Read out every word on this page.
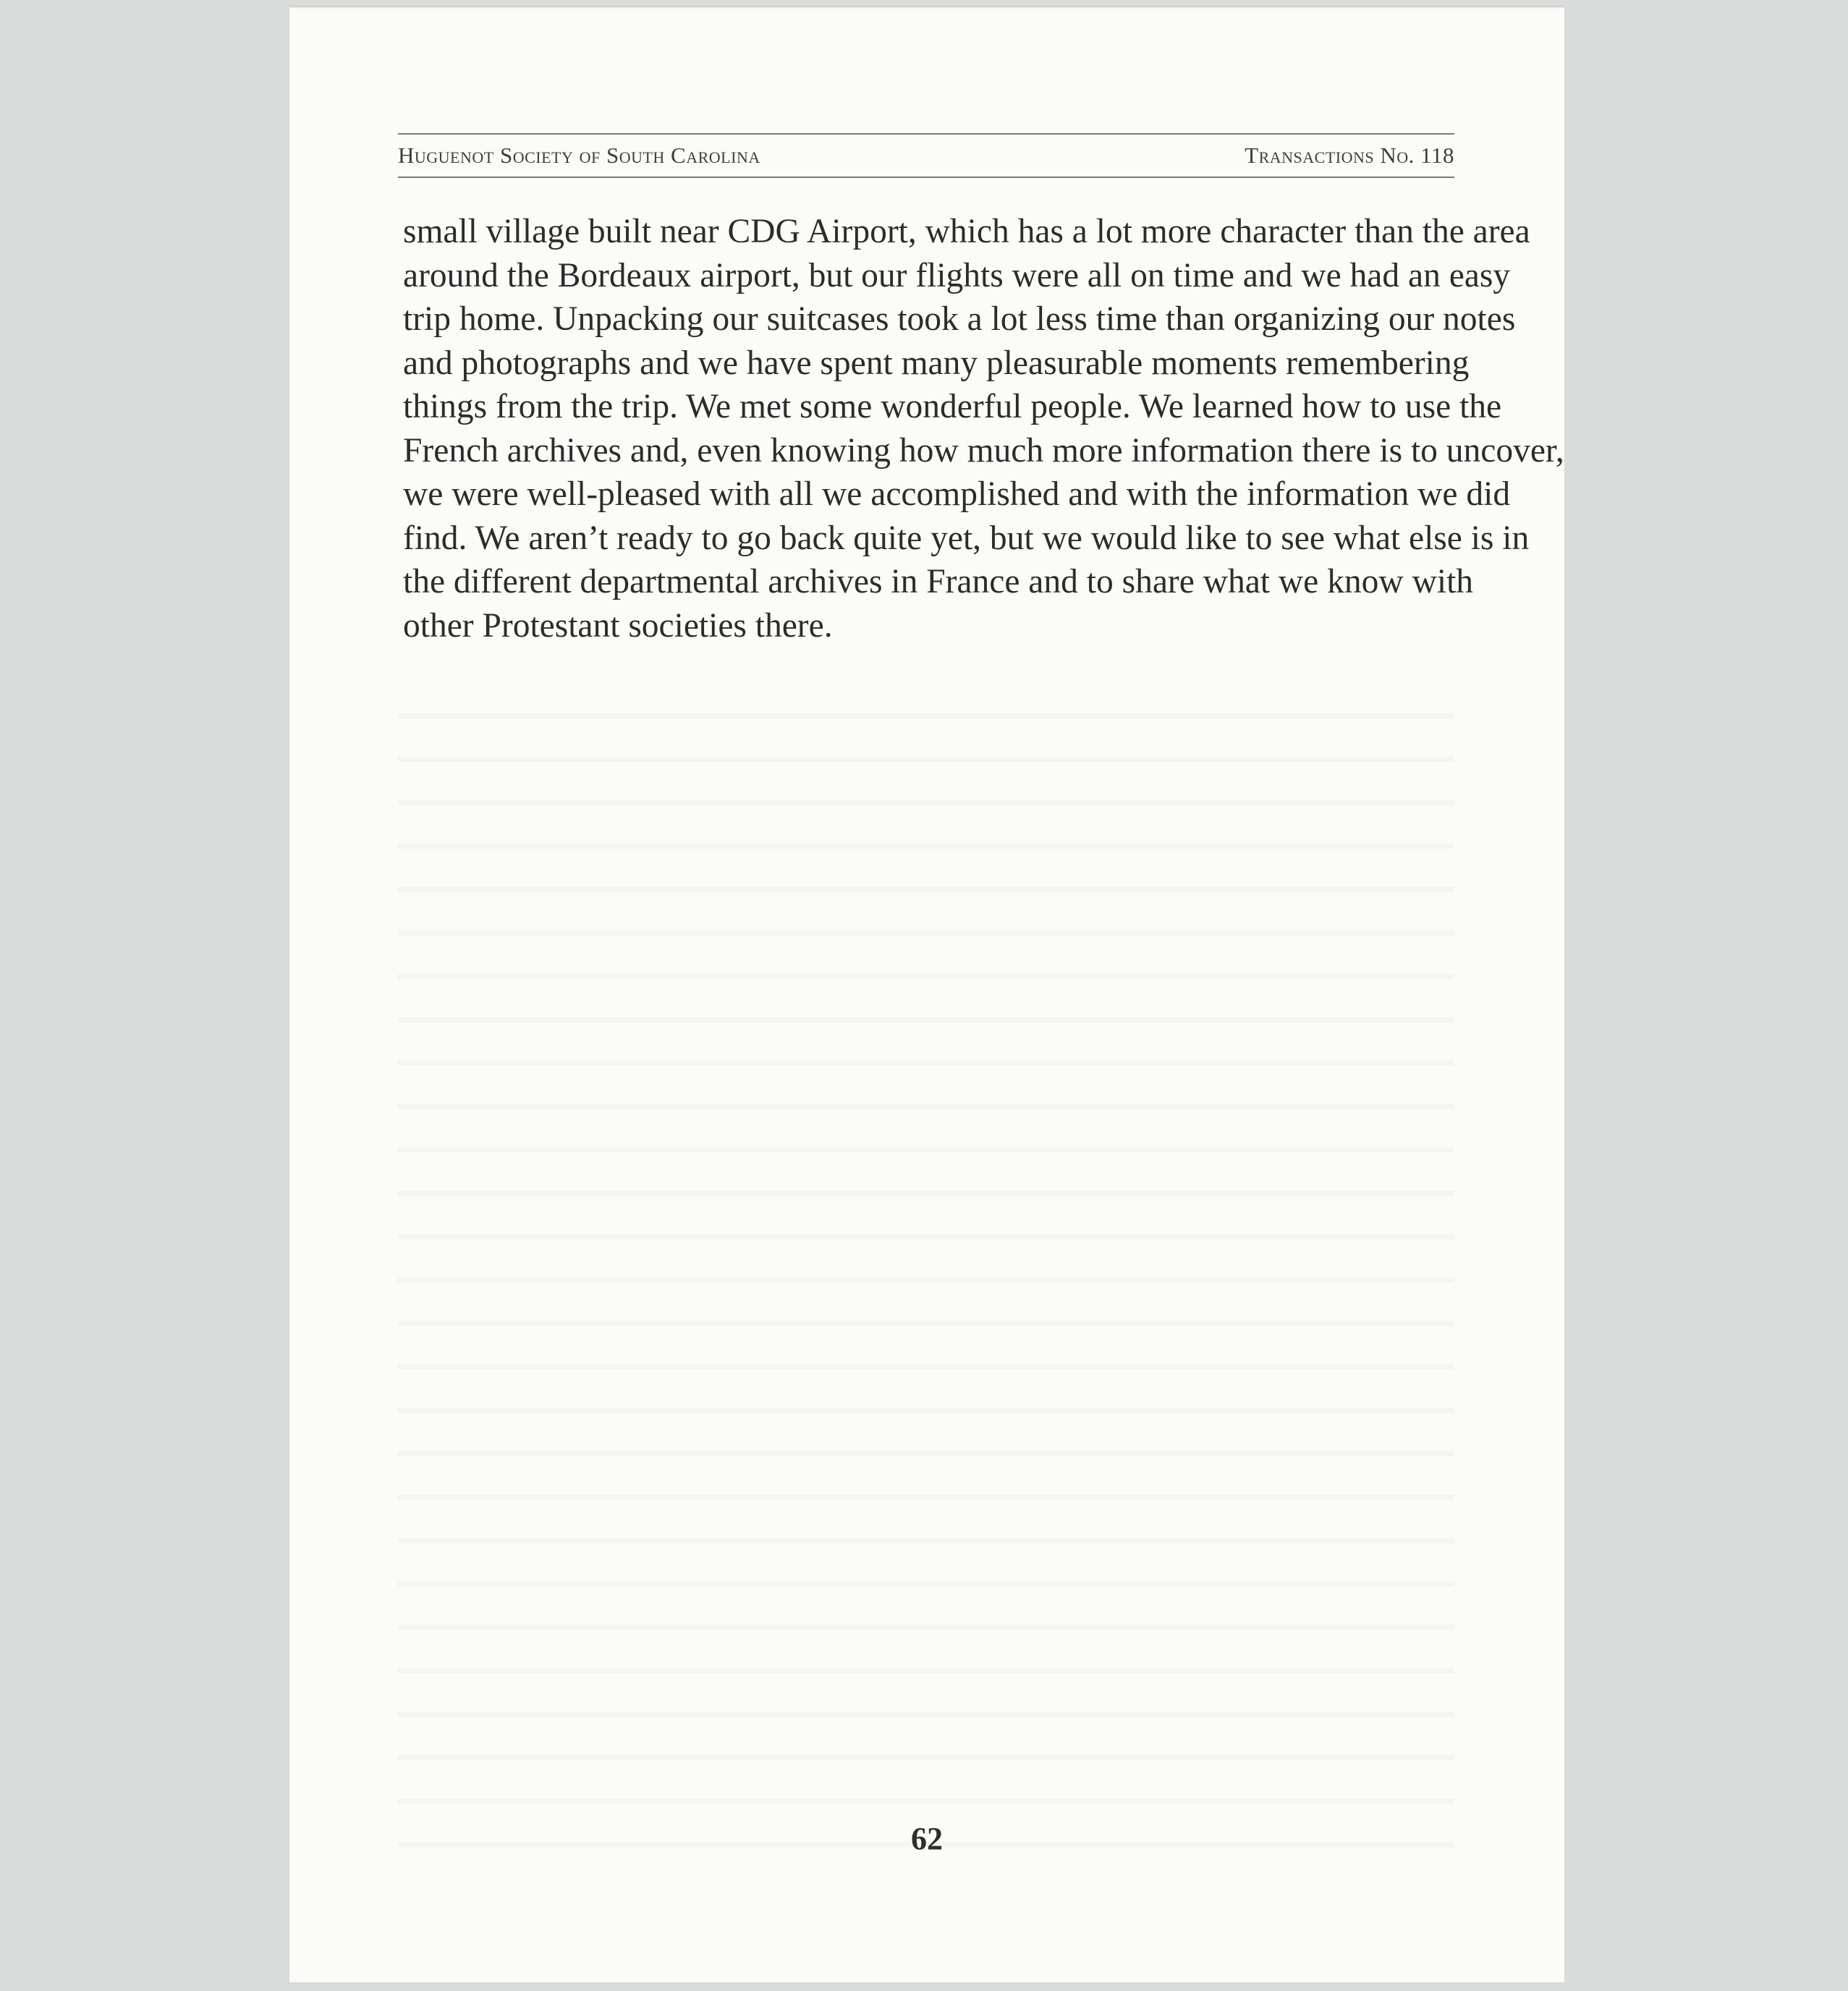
Huguenot Society of South Carolina	Transactions No. 118

small village built near CDG Airport, which has a lot more character than the area
around the Bordeaux airport, but our flights were all on time and we had an easy
trip home. Unpacking our suitcases took a lot less time than organizing our notes
and photographs and we have spent many pleasurable moments remembering
things from the trip. We met some wonderful people. We learned how to use the
French archives and, even knowing how much more information there is to uncover,
we were well-pleased with all we accomplished and with the information we did
find. We aren’t ready to go back quite yet, but we would like to see what else is in
the different departmental archives in France and to share what we know with
other Protestant societies there.

62
